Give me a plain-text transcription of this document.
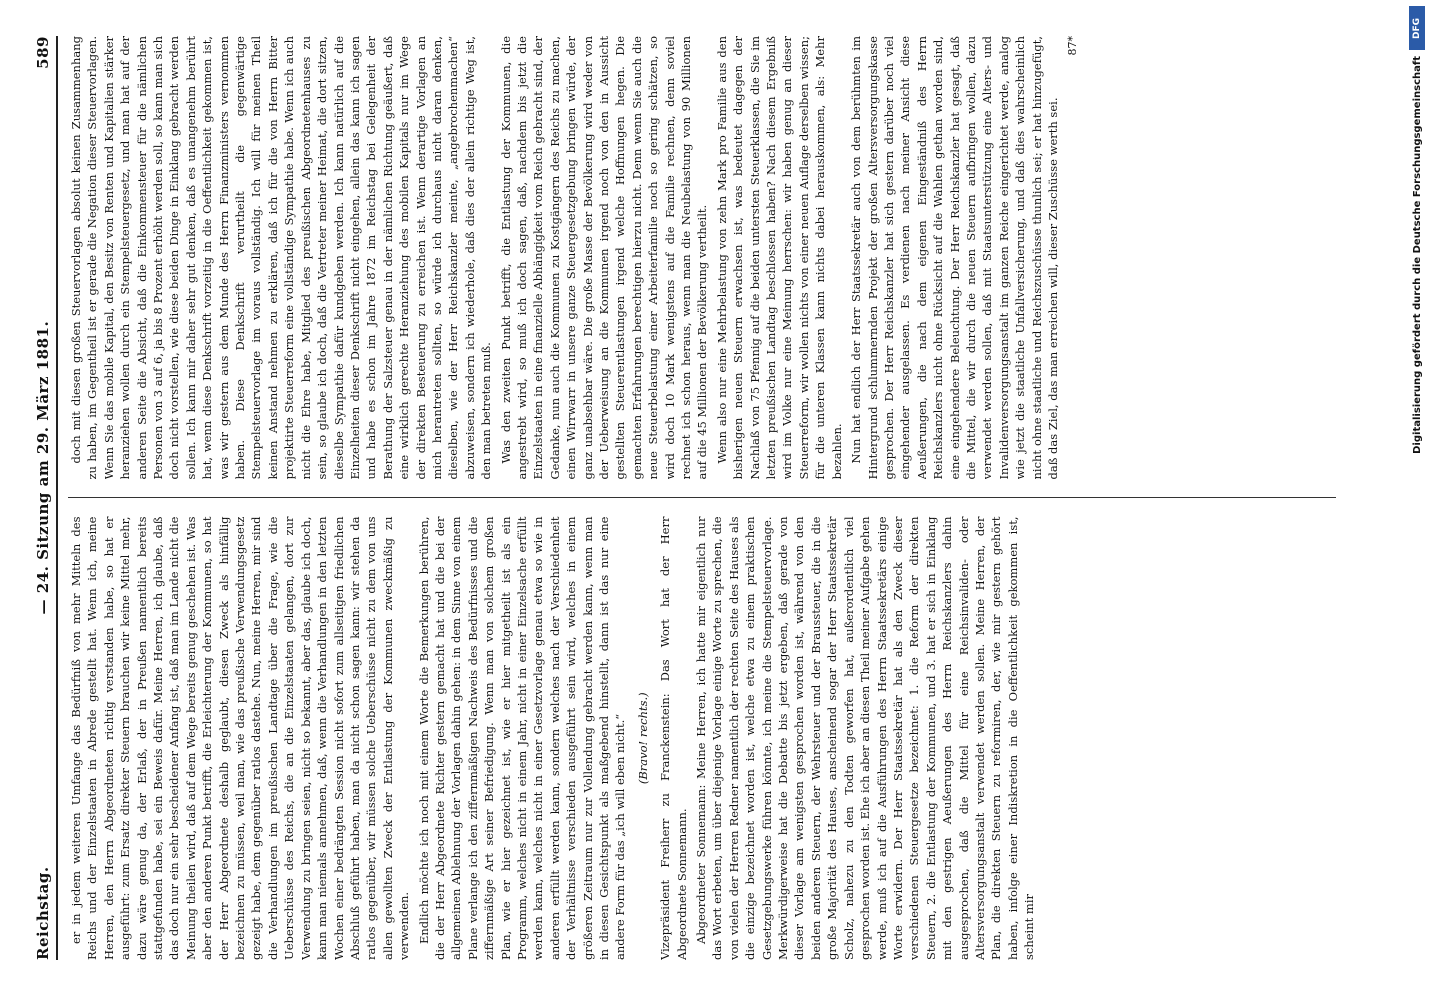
Reichstag.
— 24. Sitzung am 29. März 1881.
589

er in jedem weiteren Umfange das Bedürfniß von mehr Mitteln des Reichs und der Einzelstaaten in Abrede gestellt hat. Wenn ich, meine Herren, den Herrn Abgeordneten richtig verstanden habe, so hat er ausgeführt: zum Ersatz direkter Steuern brauchen wir keine Mittel mehr, dazu wäre genug da, der Erlaß, der in Preußen namentlich bereits stattgefunden habe, sei ein Beweis dafür. Meine Herren, ich glaube, daß das doch nur ein sehr bescheidener Anfang ist, daß man im Lande nicht die Meinung theilen wird, daß auf dem Wege bereits genug geschehen ist. Was aber den anderen Punkt betrifft, die Erleichterung der Kommunen, so hat der Herr Abgeordnete deshalb geglaubt, diesen Zweck als hinfällig bezeichnen zu müssen, weil man, wie das preußische Verwendungsgesetz gezeigt habe, dem gegenüber ratlos dastehe. Nun, meine Herren, mir sind die Verhandlungen im preußischen Landtage über die Frage, wie die Ueberschüsse des Reichs, die an die Einzelstaaten gelangen, dort zur Verwendung zu bringen seien, nicht so bekannt, aber das, glaube ich doch, kann man niemals annehmen, daß, wenn die Verhandlungen in den letzten Wochen einer bedrängten Session nicht sofort zum allseitigen friedlichen Abschluß geführt haben, man da nicht schon sagen kann: wir stehen da ratlos gegenüber, wir müssen solche Ueberschüsse nicht zu dem von uns allen gewollten Zweck der Entlastung der Kommunen zweckmäßig zu verwenden. Endlich möchte ich noch mit einem Worte die Bemerkungen berühren, die der Herr Abgeordnete Richter gestern gemacht hat und die bei der allgemeinen Ablehnung der Vorlagen dahin gehen: in dem Sinne von einem Plane verlange ich den ziffernmäßigen Nachweis des Bedürfnisses und die ziffernmäßige Art seiner Befriedigung. Wenn man von solchem großen Plan, wie er hier gezeichnet ist, wie er hier mitgetheilt ist als ein Programm, welches nicht in einem Jahr, nicht in einer Einzelsache erfüllt werden kann, welches nicht in einer Gesetzvorlage genau etwa so wie in anderen erfüllt werden kann, sondern welches nach der Verschiedenheit der Verhältnisse verschieden ausgeführt sein wird, welches in einem größeren Zeitraum nur zur Vollendung gebracht werden kann, wenn man in diesen Gesichtspunkt als maßgebend hinstellt, dann ist das nur eine andere Form für das „ich will eben nicht.“ (Bravo! rechts.) Vizepräsident Freiherr zu Franckenstein: Das Wort hat der Herr Abgeordnete Sonnemann. Abgeordneter Sonnemann: Meine Herren, ich hatte mir eigentlich nur das Wort erbeten, um über diejenige Vorlage einige Worte zu sprechen, die von vielen der Herren Redner namentlich der rechten Seite des Hauses als die einzige bezeichnet worden ist, welche etwa zu einem praktischen Gesetzgebungswerke führen könnte, ich meine die Stempelsteuervorlage. Merkwürdigerweise hat die Debatte bis jetzt ergeben, daß gerade von dieser Vorlage am wenigsten gesprochen worden ist, während von den beiden anderen Steuern, der Wehrsteuer und der Braussteuer, die in die große Majorität des Hauses, anscheinend sogar der Herr Staatssekretär Scholz, nahezu zu den Todten geworfen hat, außerordentlich viel gesprochen worden ist. Ehe ich aber an diesen Theil meiner Aufgabe gehen werde, muß ich auf die Ausführungen des Herrn Staatssekretärs einige Worte erwidern. Der Herr Staatssekretär hat als den Zweck dieser verschiedenen Steuergesetze bezeichnet: 1. die Reform der direkten Steuern, 2. die Entlastung der Kommunen, und 3. hat er sich in Einklang mit den gestrigen Aeußerungen des Herrn Reichskanzlers dahin ausgesprochen, daß die Mittel für eine Reichsinvaliden- oder Altersversorgungsanstalt verwendet werden sollen. Meine Herren, der Plan, die direkten Steuern zu reformiren, der, wie mir gestern gehört haben, infolge einer Indiskretion in die Oeffentlichkeit gekommen ist, scheint mir

doch mit diesen großen Steuervorlagen absolut keinen Zusammenhang zu haben, im Gegentheil ist er gerade die Negation dieser Steuervorlagen. Wenn Sie das mobile Kapital, den Besitz von Renten und Kapitalien stärker heranziehen wollen durch ein Stempelsteuergesetz, und man hat auf der anderen Seite die Absicht, daß die Einkommensteuer für die nämlichen Personen von 3 auf 6, ja bis 8 Prozent erhöht werden soll, so kann man sich doch nicht vorstellen, wie diese beiden Dinge in Einklang gebracht werden sollen. Ich kann mir daher sehr gut denken, daß es unangenehm berührt hat, wenn diese Denkschrift vorzeitig in die Oeffentlichkeit gekommen ist, was wir gestern aus dem Munde des Herrn Finanzministers vernommen haben. Diese Denkschrift verurtheilt die gegenwärtige Stempelsteuervorlage im voraus vollständig. Ich will für meinen Theil keinen Anstand nehmen zu erklären, daß ich für die von Herrn Bitter projektirte Steuerreform eine vollständige Sympathie habe. Wenn ich auch nicht die Ehre habe, Mitglied des preußischen Abgeordnetenhauses zu sein, so glaube ich doch, daß die Vertreter meiner Heimat, die dort sitzen, dieselbe Sympathie dafür kundgeben werden. Ich kann natürlich auf die Einzelheiten dieser Denkschrift nicht eingehen, allein das kann ich sagen und habe es schon im Jahre 1872 im Reichstag bei Gelegenheit der Berathung der Salzsteuer genau in der nämlichen Richtung geäußert, daß eine wirklich gerechte Heranziehung des mobilen Kapitals nur im Wege der direkten Besteuerung zu erreichen ist. Wenn derartige Vorlagen an mich herantreten sollten, so würde ich durchaus nicht daran denken, dieselben, wie der Herr Reichskanzler meinte, „angebrochenmachen“ abzuweisen, sondern ich wiederhole, daß dies der allein richtige Weg ist, den man betreten muß. Was den zweiten Punkt betrifft, die Entlastung der Kommunen, die angestrebt wird, so muß ich doch sagen, daß, nachdem bis jetzt die Einzelstaaten in eine finanzielle Abhängigkeit vom Reich gebracht sind, der Gedanke, nun auch die Kommunen zu Kostgängern des Reichs zu machen, einen Wirrwarr in unsere ganze Steuergesetzgebung bringen würde, der ganz unabsehbar wäre. Die große Masse der Bevölkerung wird weder von der Ueberweisung an die Kommunen irgend noch von den in Aussicht gestellten Steuerentlastungen irgend welche Hoffnungen hegen. Die gemachten Erfahrungen berechtigen hierzu nicht. Denn wenn Sie auch die neue Steuerbelastung einer Arbeiterfamilie noch so gering schätzen, so wird doch 10 Mark wenigstens auf die Familie rechnen, denn soviel rechnet ich schon heraus, wenn man die Neubelastung von 90 Millionen auf die 45 Millionen der Bevölkerung vertheilt. Wenn also nur eine Mehrbelastung von zehn Mark pro Familie aus den bisherigen neuen Steuern erwachsen ist, was bedeutet dagegen der Nachlaß von 75 Pfennig auf die beiden untersten Steuerklassen, die Sie im letzten preußischen Landtag beschlossen haben? Nach diesem Ergebniß wird im Volke nur eine Meinung herrschen: wir haben genug an dieser Steuerreform, wir wollen nichts von einer neuen Auflage derselben wissen; für die unteren Klassen kann nichts dabei herauskommen, als: Mehr bezahlen. Nun hat endlich der Herr Staatssekretär auch von dem berühmten im Hintergrund schlummernden Projekt der großen Altersversorgungskasse gesprochen. Der Herr Reichskanzler hat sich gestern darüber noch viel eingehender ausgelassen. Es verdienen nach meiner Ansicht diese Aeußerungen, die nach dem eigenen Eingeständniß des Herrn Reichskanzlers nicht ohne Rücksicht auf die Wahlen gethan worden sind, eine eingehendere Beleuchtung. Der Herr Reichskanzler hat gesagt, daß die Mittel, die wir durch die neuen Steuern aufbringen wollen, dazu verwendet werden sollen, daß mit Staatsunterstützung eine Alters- und Invalidenversorgungsanstalt im ganzen Reiche eingerichtet werde, analog wie jetzt die staatliche Unfallversicherung, und daß dies wahrscheinlich nicht ohne staatliche und Reichszuschüsse thunlich sei; er hat hinzugefügt, daß das Ziel, das man erreichen will, dieser Zuschüsse werth sei.

87*

DFG
Digitalisierung gefördert durch die Deutsche Forschungsgemeinschaft
